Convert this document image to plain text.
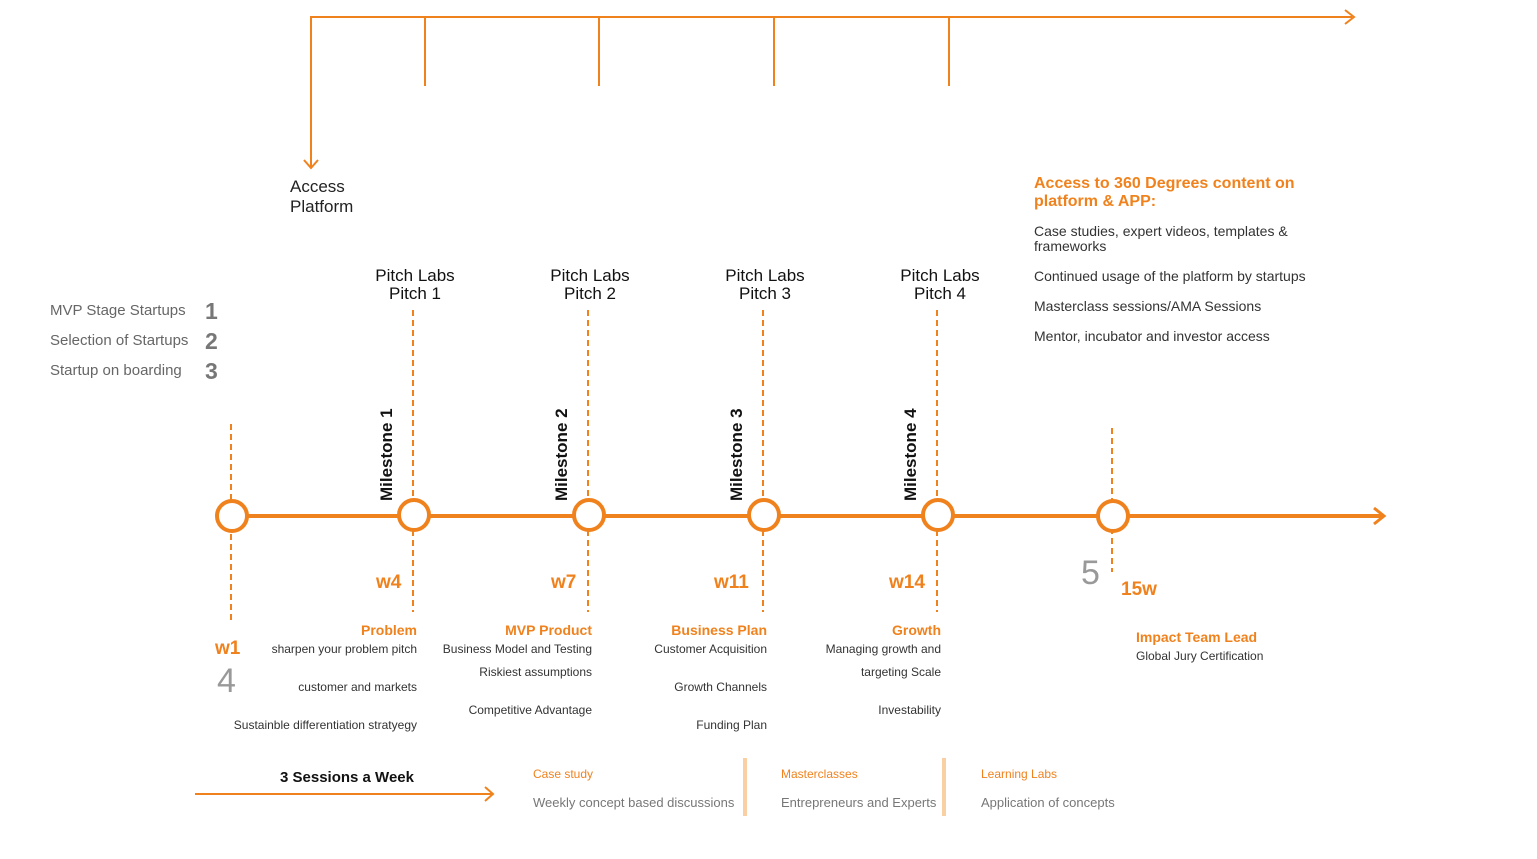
Access
Platform
MVP Stage Startups 1
Selection of Startups 2
Startup on boarding 3
Pitch Labs
Pitch 1
Pitch Labs
Pitch 2
Pitch Labs
Pitch 3
Pitch Labs
Pitch 4
Milestone 1	Milestone 2	Milestone 3	Milestone 4
w1
w4	w7	w11	w14	15w
4
5
Problem
sharpen your problem pitch
customer and markets
Sustainble differentiation stratyegy
MVP Product
Business Model and Testing
Riskiest assumptions
Competitive Advantage
Business Plan
Customer Acquisition
Growth Channels
Funding Plan
Growth
Managing growth and
targeting Scale
Investability
Impact Team Lead
Global Jury Certification
Access to 360 Degrees content on platform & APP:
Case studies, expert videos, templates & frameworks
Continued usage of the platform by startups
Masterclass sessions/AMA Sessions
Mentor, incubator and investor access
3 Sessions a Week	Case study
Weekly concept based discussions
Masterclasses
Entrepreneurs and Experts
Learning Labs
Application of concepts
